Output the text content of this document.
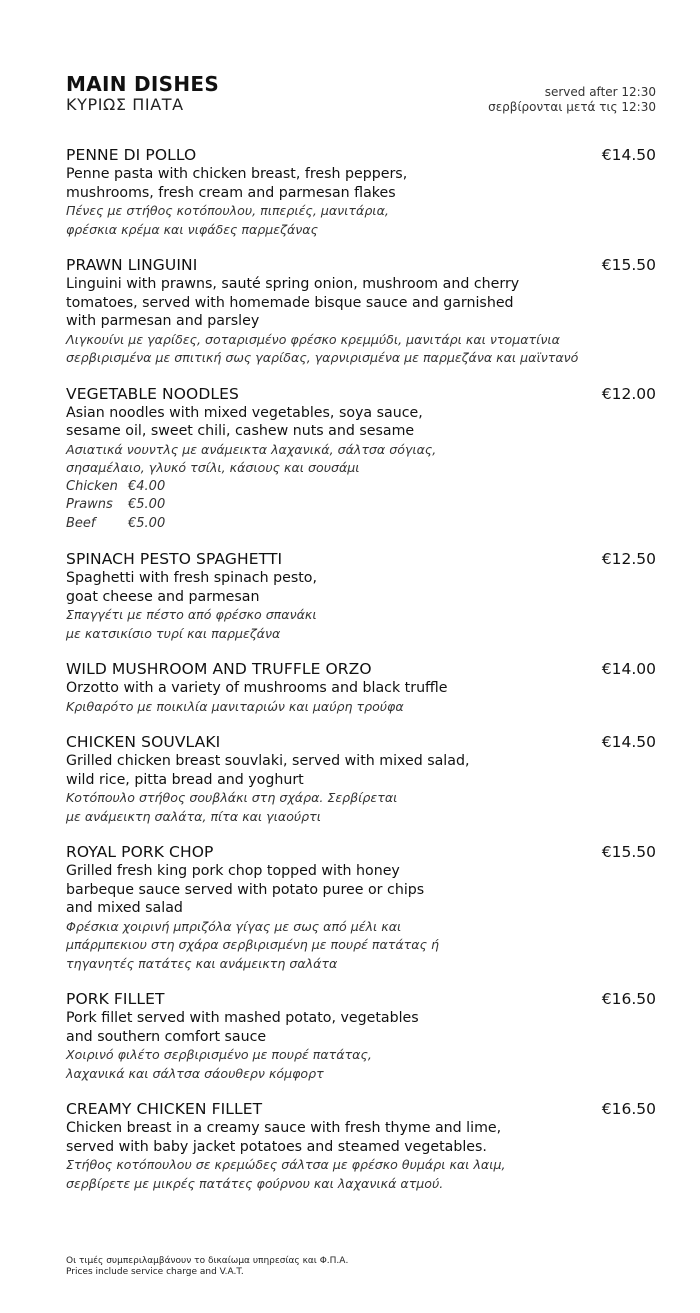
MAIN DISHES
ΚΥΡΙΩΣ ΠΙΑΤΑ
served after 12:30
σερβίρονται μετά τις 12:30
PENNE DI POLLO	€14.50
Penne pasta with chicken breast, fresh peppers, mushrooms, fresh cream and parmesan flakes
Πένες με στήθος κοτόπουλου, πιπεριές, μανιτάρια, φρέσκια κρέμα και νιφάδες παρμεζάνας
PRAWN LINGUINI	€15.50
Linguini with prawns, sauté spring onion, mushroom and cherry tomatoes, served with homemade bisque sauce and garnished with parmesan and parsley
Λιγκουίνι με γαρίδες, σοταρισμένο φρέσκο κρεμμύδι, μανιτάρι και ντοματίνια σερβιρισμένα με σπιτική σως γαρίδας, γαρνιρισμένα με παρμεζάνα και μαϊντανό
VEGETABLE NOODLES	€12.00
Asian noodles with mixed vegetables, soya sauce, sesame oil, sweet chili, cashew nuts and sesame
Ασιατικά νουντλς με ανάμεικτα λαχανικά, σάλτσα σόγιας, σησαμέλαιο, γλυκό τσίλι, κάσιους και σουσάμι
Chicken €4.00
Prawns €5.00
Beef	€5.00
SPINACH PESTO SPAGHETTI	€12.50
Spaghetti with fresh spinach pesto, goat cheese and parmesan
Σπαγγέτι με πέστο από φρέσκο σπανάκι με κατσικίσιο τυρί και παρμεζάνα
WILD MUSHROOM AND TRUFFLE ORZO	€14.00
Orzotto with a variety of mushrooms and black truffle
Κριθαρότο με ποικιλία μανιταριών και μαύρη τρούφα
CHICKEN SOUVLAKI	€14.50
Grilled chicken breast souvlaki, served with mixed salad, wild rice, pitta bread and yoghurt
Κοτόπουλο στήθος σουβλάκι στη σχάρα. Σερβίρεται με ανάμεικτη σαλάτα, πίτα και γιαούρτι
ROYAL PORK CHOP	€15.50
Grilled fresh king pork chop topped with honey barbeque sauce served with potato puree or chips and mixed salad
Φρέσκια χοιρινή μπριζόλα γίγας με σως από μέλι και μπάρμπεκιου στη σχάρα σερβιρισμένη με πουρέ πατάτας ή τηγανητές πατάτες και ανάμεικτη σαλάτα
PORK FILLET	€16.50
Pork fillet served with mashed potato, vegetables and southern comfort sauce
Χοιρινό φιλέτο σερβιρισμένο με πουρέ πατάτας, λαχανικά και σάλτσα σάουθερν κόμφορτ
CREAMY CHICKEN FILLET	€16.50
Chicken breast in a creamy sauce with fresh thyme and lime, served with baby jacket potatoes and steamed vegetables.
Στήθος κοτόπουλου σε κρεμώδες σάλτσα με φρέσκο θυμάρι και λαιμ, σερβίρετε με μικρές πατάτες φούρνου και λαχανικά ατμού.
Οι τιμές συμπεριλαμβάνουν το δικαίωμα υπηρεσίας και Φ.Π.Α.
Prices include service charge and V.A.T.
